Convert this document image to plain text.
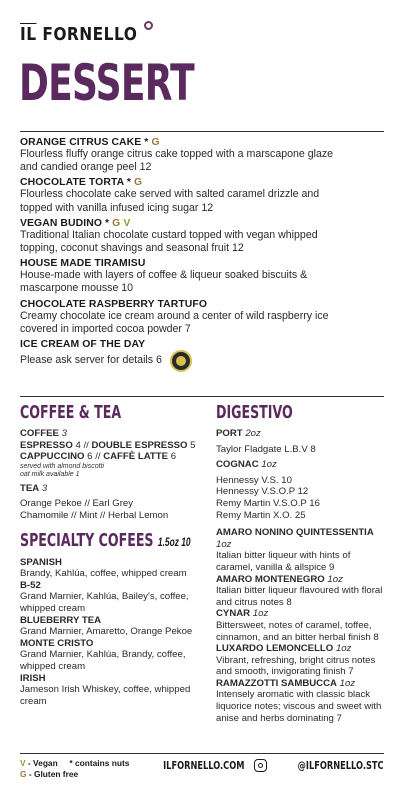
$\overline{IL}$ FORNELLO
DESSERT
ORANGE CITRUS CAKE * G
Flourless fluffy orange citrus cake topped with a marscapone glaze and candied orange peel 12
CHOCOLATE TORTA * G
Flourless chocolate cake served with salted caramel drizzle and topped with vanilla infused icing sugar 12
VEGAN BUDINO * G V
Traditional Italian chocolate custard topped with vegan whipped topping, coconut shavings and seasonal fruit 12
HOUSE MADE TIRAMISU
House-made with layers of coffee & liqueur soaked biscuits & mascarpone mousse 10
CHOCOLATE RASPBERRY TARTUFO
Creamy chocolate ice cream around a center of wild raspberry ice covered in imported cocoa powder 7
ICE CREAM OF THE DAY
Please ask server for details 6
COFFEE & TEA
COFFEE 3
ESPRESSO 4 // DOUBLE ESPRESSO 5
CAPPUCCINO 6 // CAFFÈ LATTE 6
served with almond biscotti
oat milk available 1
TEA 3
Orange Pekoe // Earl Grey
Chamomile // Mint // Herbal Lemon
SPECIALTY COFEES 1.5oz 10
SPANISH
Brandy, Kahlúa, coffee, whipped cream
B-52
Grand Marnier, Kahlúa, Bailey's, coffee, whipped cream
BLUEBERRY TEA
Grand Marnier, Amaretto, Orange Pekoe
MONTE CRISTO
Grand Marnier, Kahlúa, Brandy, coffee, whipped cream
IRISH
Jameson Irish Whiskey, coffee, whipped cream
DIGESTIVO
PORT 2oz
Taylor Fladgate L.B.V 8
COGNAC 1oz
Hennessy V.S. 10
Hennessy V.S.O.P 12
Remy Martin V.S.O.P 16
Remy Martin X.O. 25
AMARO NONINO QUINTESSENTIA 1oz
Italian bitter liqueur with hints of caramel, vanilla & allspice 9
AMARO MONTENEGRO 1oz
Italian bitter liqueur flavoured with floral and citrus notes 8
CYNAR 1oz
Bittersweet, notes of caramel, toffee, cinnamon, and an bitter herbal finish 8
LUXARDO LEMONCELLO 1oz
Vibrant, refreshing, bright citrus notes and smooth, invigorating finish 7
RAMAZZOTTI SAMBUCCA 1oz
Intensely aromatic with classic black liquorice notes; viscous and sweet with anise and herbs dominating 7
V - Vegan * contains nuts
G - Gluten free
ILFORNELLO.COM	@ILFORNELLO.STC
